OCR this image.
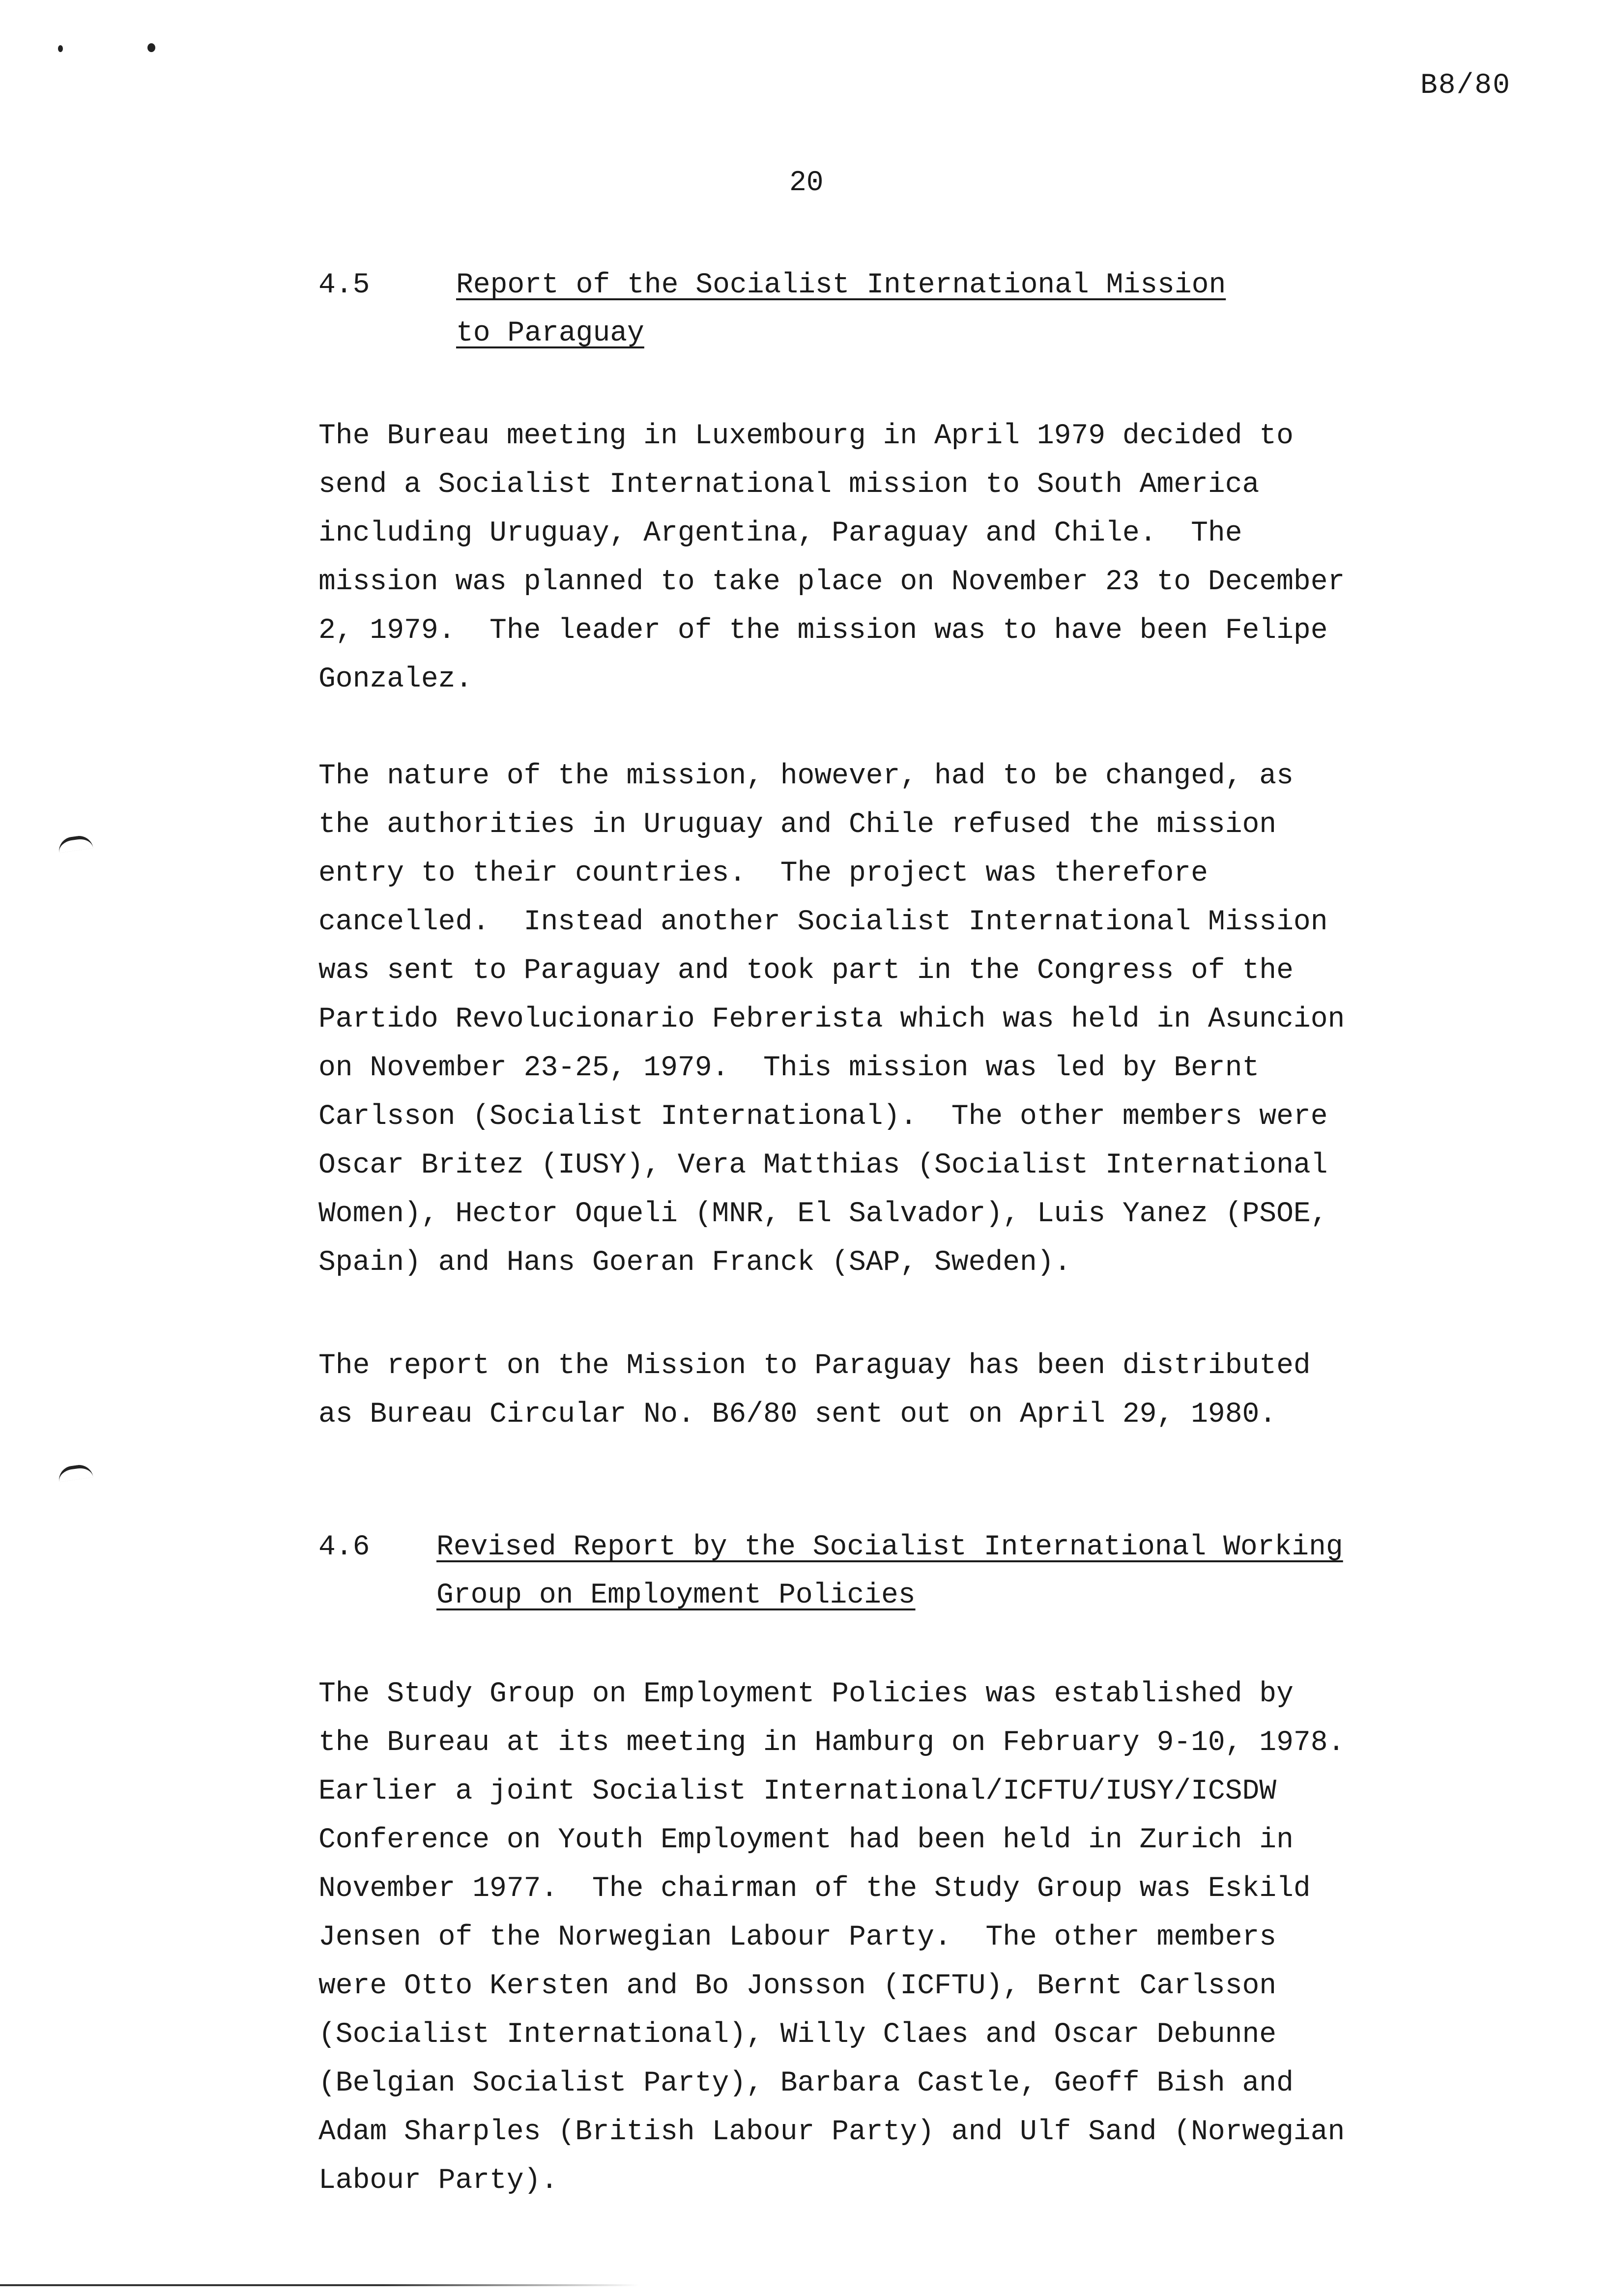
B8/80
20
4.5	Report of the Socialist International Mission
to Paraguay
The Bureau meeting in Luxembourg in April 1979 decided to
send a Socialist International mission to South America
including Uruguay, Argentina, Paraguay and Chile.  The
mission was planned to take place on November 23 to December
2, 1979.  The leader of the mission was to have been Felipe
Gonzalez.
The nature of the mission, however, had to be changed, as
the authorities in Uruguay and Chile refused the mission
entry to their countries.  The project was therefore
cancelled.  Instead another Socialist International Mission
was sent to Paraguay and took part in the Congress of the
Partido Revolucionario Febrerista which was held in Asuncion
on November 23-25, 1979.  This mission was led by Bernt
Carlsson (Socialist International).  The other members were
Oscar Britez (IUSY), Vera Matthias (Socialist International
Women), Hector Oqueli (MNR, El Salvador), Luis Yanez (PSOE,
Spain) and Hans Goeran Franck (SAP, Sweden).
The report on the Mission to Paraguay has been distributed
as Bureau Circular No. B6/80 sent out on April 29, 1980.
4.6	Revised Report by the Socialist International Working
Group on Employment Policies
The Study Group on Employment Policies was established by
the Bureau at its meeting in Hamburg on February 9-10, 1978.
Earlier a joint Socialist International/ICFTU/IUSY/ICSDW
Conference on Youth Employment had been held in Zurich in
November 1977.  The chairman of the Study Group was Eskild
Jensen of the Norwegian Labour Party.  The other members
were Otto Kersten and Bo Jonsson (ICFTU), Bernt Carlsson
(Socialist International), Willy Claes and Oscar Debunne
(Belgian Socialist Party), Barbara Castle, Geoff Bish and
Adam Sharples (British Labour Party) and Ulf Sand (Norwegian
Labour Party).
